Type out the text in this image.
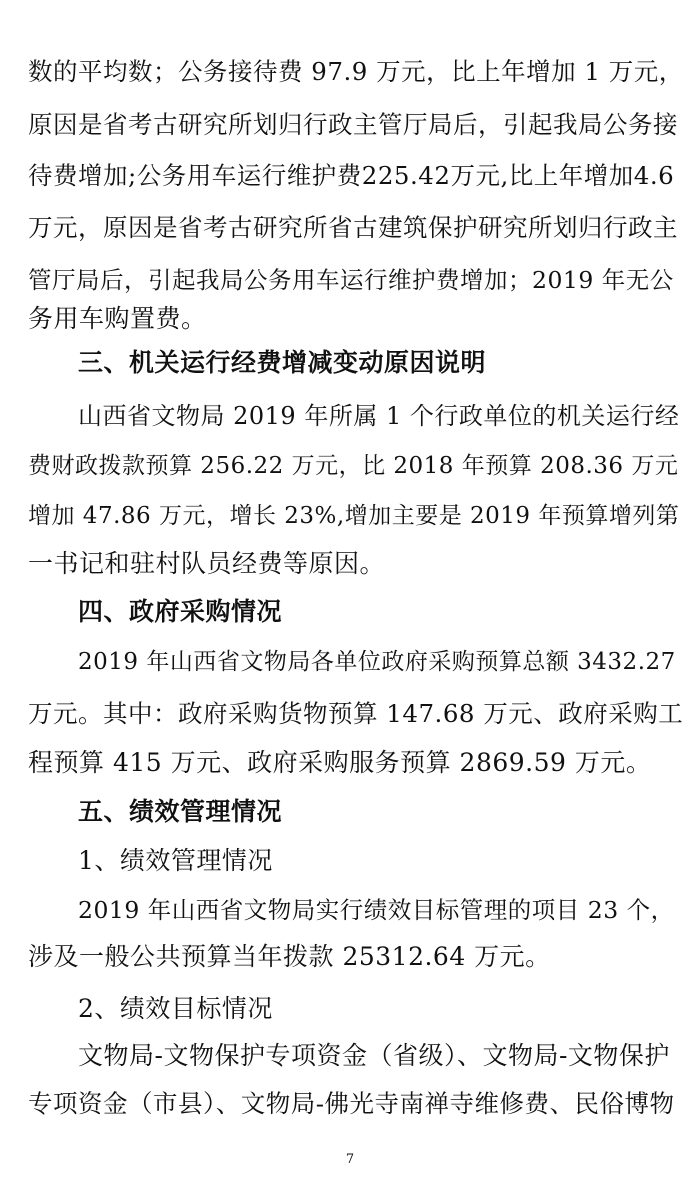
数的平均数；公务接待费 97.9 万元，比上年增加 1 万元，
原因是省考古研究所划归行政主管厅局后，引起我局公务接
待费增加;公务用车运行维护费225.42万元,比上年增加4.6
万元，原因是省考古研究所省古建筑保护研究所划归行政主
管厅局后，引起我局公务用车运行维护费增加；2019 年无公
务用车购置费。
三、机关运行经费增减变动原因说明
山西省文物局 2019 年所属 1 个行政单位的机关运行经
费财政拨款预算 256.22 万元，比 2018 年预算 208.36 万元
增加 47.86 万元，增长 23%,增加主要是 2019 年预算增列第
一书记和驻村队员经费等原因。
四、政府采购情况
2019 年山西省文物局各单位政府采购预算总额 3432.27
万元。其中：政府采购货物预算 147.68 万元、政府采购工
程预算 415 万元、政府采购服务预算 2869.59 万元。
五、绩效管理情况
1、绩效管理情况
2019 年山西省文物局实行绩效目标管理的项目 23 个，
涉及一般公共预算当年拨款 25312.64 万元。
2、绩效目标情况
文物局-文物保护专项资金（省级）、文物局-文物保护
专项资金（市县）、文物局-佛光寺南禅寺维修费、民俗博物
7
